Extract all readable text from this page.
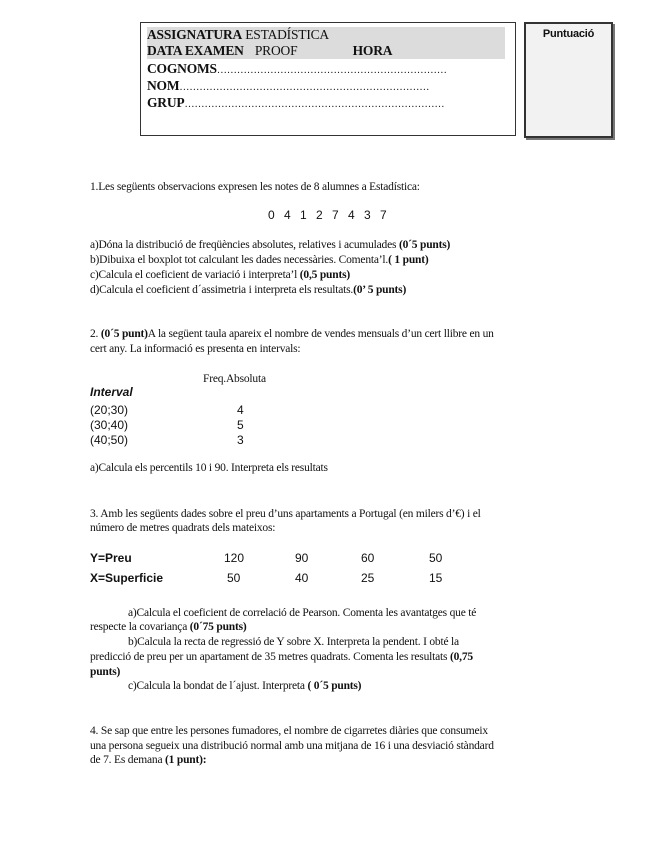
ASSIGNATURA ESTADÍSTICA
DATA EXAMEN PROOF	HORA
COGNOMS……………………………………………………………
NOM…………………………………………………………………
GRUP……………………………………………………………………
Puntuació
1.Les següents observacions expresen les notes de 8 alumnes a Estadística:
0 4 1 2 7 4 3 7
a)Dóna la distribució de freqüències absolutes, relatives i acumulades (0´5 punts)
b)Dibuixa el boxplot tot calculant les dades necessàries. Comenta’l.( 1 punt)
c)Calcula el coeficient de variació i interpreta’l (0,5 punts)
d)Calcula el coeficient d´assimetria i interpreta els resultats.(0’ 5 punts)
2. (0´5 punt)A la següent taula apareix el nombre de vendes mensuals d’un cert llibre en un
cert any. La informació es presenta en intervals:
Freq.Absoluta
Interval
(20;30)	4
(30;40)	5
(40;50)	3
a)Calcula els percentils 10 i 90. Interpreta els resultats
3. Amb les següents dades sobre el preu d’uns apartaments a Portugal (en milers d’€) i el
número de metres quadrats dels mateixos:
Y=Preu	120	90	60	50
X=Superficie	50	40	25	15
a)Calcula el coeficient de correlació de Pearson. Comenta les avantatges que té
respecte la covariança (0´75 punts)
b)Calcula la recta de regressió de Y sobre X. Interpreta la pendent. I obté la
predicció de preu per un apartament de 35 metres quadrats. Comenta les resultats (0,75
punts)
c)Calcula la bondat de l´ajust. Interpreta ( 0´5 punts)
4. Se sap que entre les persones fumadores, el nombre de cigarretes diàries que consumeix
una persona segueix una distribució normal amb una mitjana de 16 i una desviació stàndard
de 7. Es demana (1 punt):
